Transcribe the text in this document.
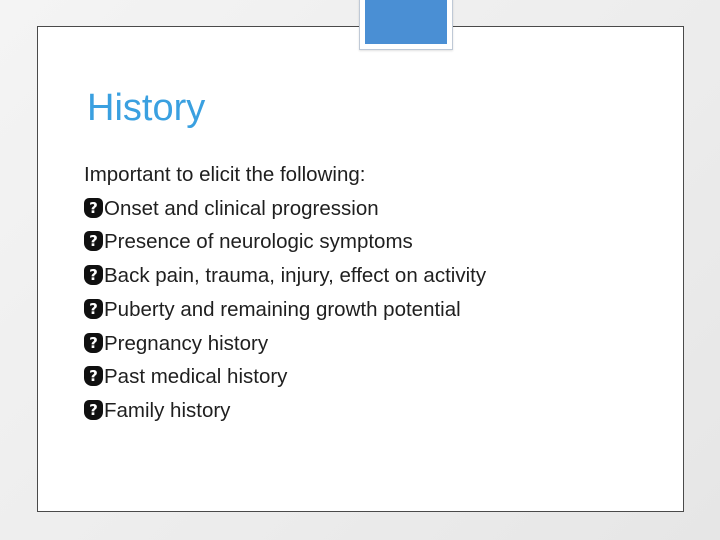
History
Important to elicit the following:
?Onset and clinical progression
?Presence of neurologic symptoms
?Back pain, trauma, injury, effect on activity
?Puberty and remaining growth potential
?Pregnancy history
?Past medical history
?Family history
